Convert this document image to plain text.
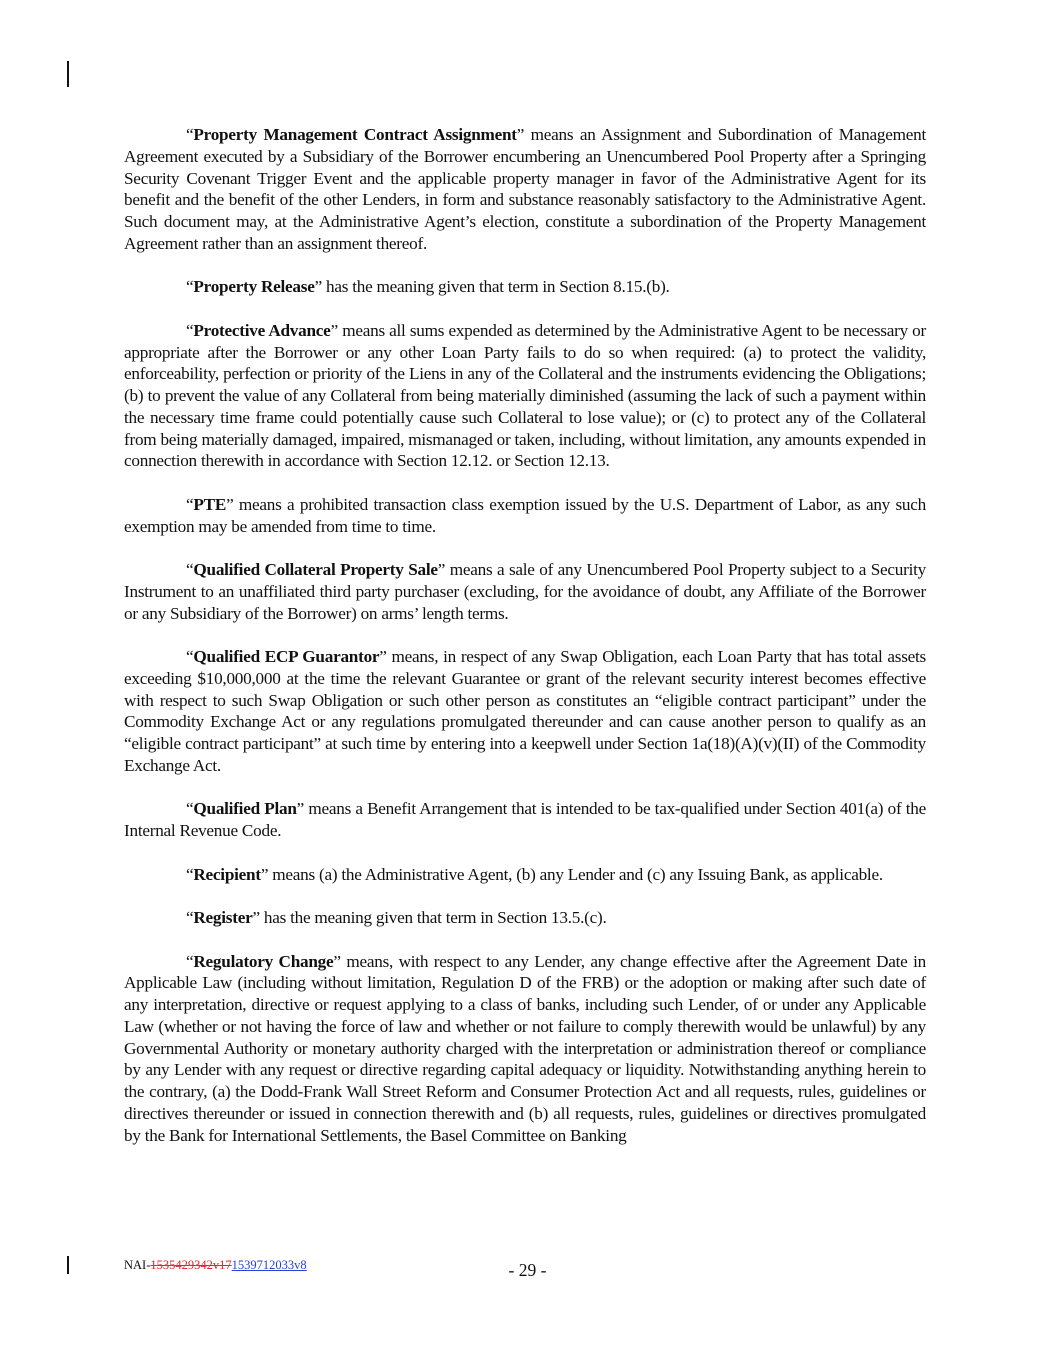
“Property Management Contract Assignment” means an Assignment and Subordination of Management Agreement executed by a Subsidiary of the Borrower encumbering an Unencumbered Pool Property after a Springing Security Covenant Trigger Event and the applicable property manager in favor of the Administrative Agent for its benefit and the benefit of the other Lenders, in form and substance reasonably satisfactory to the Administrative Agent. Such document may, at the Administrative Agent’s election, constitute a subordination of the Property Management Agreement rather than an assignment thereof.

“Property Release” has the meaning given that term in Section 8.15.(b).

“Protective Advance” means all sums expended as determined by the Administrative Agent to be necessary or appropriate after the Borrower or any other Loan Party fails to do so when required: (a) to protect the validity, enforceability, perfection or priority of the Liens in any of the Collateral and the instruments evidencing the Obligations; (b) to prevent the value of any Collateral from being materially diminished (assuming the lack of such a payment within the necessary time frame could potentially cause such Collateral to lose value); or (c) to protect any of the Collateral from being materially damaged, impaired, mismanaged or taken, including, without limitation, any amounts expended in connection therewith in accordance with Section 12.12. or Section 12.13.

“PTE” means a prohibited transaction class exemption issued by the U.S. Department of Labor, as any such exemption may be amended from time to time.

“Qualified Collateral Property Sale” means a sale of any Unencumbered Pool Property subject to a Security Instrument to an unaffiliated third party purchaser (excluding, for the avoidance of doubt, any Affiliate of the Borrower or any Subsidiary of the Borrower) on arms’ length terms.

“Qualified ECP Guarantor” means, in respect of any Swap Obligation, each Loan Party that has total assets exceeding $10,000,000 at the time the relevant Guarantee or grant of the relevant security interest becomes effective with respect to such Swap Obligation or such other person as constitutes an “eligible contract participant” under the Commodity Exchange Act or any regulations promulgated thereunder and can cause another person to qualify as an “eligible contract participant” at such time by entering into a keepwell under Section 1a(18)(A)(v)(II) of the Commodity Exchange Act.

“Qualified Plan” means a Benefit Arrangement that is intended to be tax-qualified under Section 401(a) of the Internal Revenue Code.

“Recipient” means (a) the Administrative Agent, (b) any Lender and (c) any Issuing Bank, as applicable.

“Register” has the meaning given that term in Section 13.5.(c).

“Regulatory Change” means, with respect to any Lender, any change effective after the Agreement Date in Applicable Law (including without limitation, Regulation D of the FRB) or the adoption or making after such date of any interpretation, directive or request applying to a class of banks, including such Lender, of or under any Applicable Law (whether or not having the force of law and whether or not failure to comply therewith would be unlawful) by any Governmental Authority or monetary authority charged with the interpretation or administration thereof or compliance by any Lender with any request or directive regarding capital adequacy or liquidity. Notwithstanding anything herein to the contrary, (a) the Dodd-Frank Wall Street Reform and Consumer Protection Act and all requests, rules, guidelines or directives thereunder or issued in connection therewith and (b) all requests, rules, guidelines or directives promulgated by the Bank for International Settlements, the Basel Committee on Banking

NAI-1535429342v171539712033v8	- 29 -
